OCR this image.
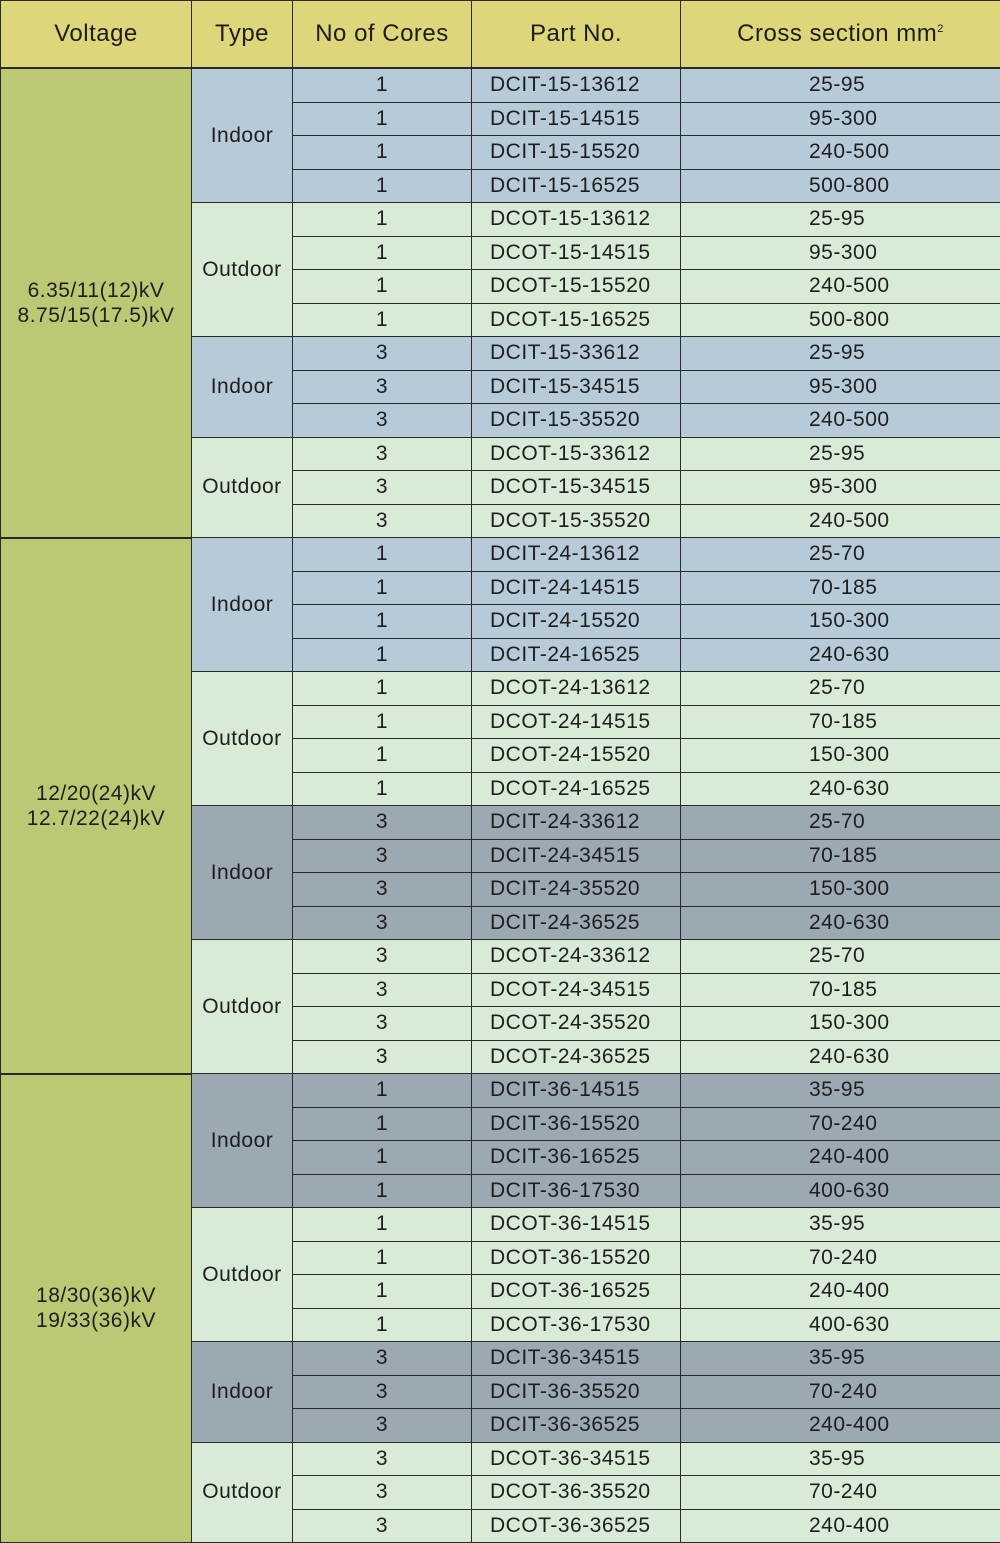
Voltage	Type	No of Cores	Part No.	Cross section $mm^2$

6.35/11(12)kV
8.75/15(17.5)kV	Indoor	1	DCIT-15-13612	25-95
		1	DCIT-15-14515	95-300
		1	DCIT-15-15520	240-500
		1	DCIT-15-16525	500-800
	Outdoor	1	DCOT-15-13612	25-95
		1	DCOT-15-14515	95-300
		1	DCOT-15-15520	240-500
		1	DCOT-15-16525	500-800
	Indoor	3	DCIT-15-33612	25-95
		3	DCIT-15-34515	95-300
		3	DCIT-15-35520	240-500
	Outdoor	3	DCOT-15-33612	25-95
		3	DCOT-15-34515	95-300
		3	DCOT-15-35520	240-500

12/20(24)kV
12.7/22(24)kV	Indoor	1	DCIT-24-13612	25-70
		1	DCIT-24-14515	70-185
		1	DCIT-24-15520	150-300
		1	DCIT-24-16525	240-630
	Outdoor	1	DCOT-24-13612	25-70
		1	DCOT-24-14515	70-185
		1	DCOT-24-15520	150-300
		1	DCOT-24-16525	240-630
	Indoor	3	DCIT-24-33612	25-70
		3	DCIT-24-34515	70-185
		3	DCIT-24-35520	150-300
		3	DCIT-24-36525	240-630
	Outdoor	3	DCOT-24-33612	25-70
		3	DCOT-24-34515	70-185
		3	DCOT-24-35520	150-300
		3	DCOT-24-36525	240-630

18/30(36)kV
19/33(36)kV	Indoor	1	DCIT-36-14515	35-95
		1	DCIT-36-15520	70-240
		1	DCIT-36-16525	240-400
		1	DCIT-36-17530	400-630
	Outdoor	1	DCOT-36-14515	35-95
		1	DCOT-36-15520	70-240
		1	DCOT-36-16525	240-400
		1	DCOT-36-17530	400-630
	Indoor	3	DCIT-36-34515	35-95
		3	DCIT-36-35520	70-240
		3	DCIT-36-36525	240-400
	Outdoor	3	DCOT-36-34515	35-95
		3	DCOT-36-35520	70-240
		3	DCOT-36-36525	240-400
